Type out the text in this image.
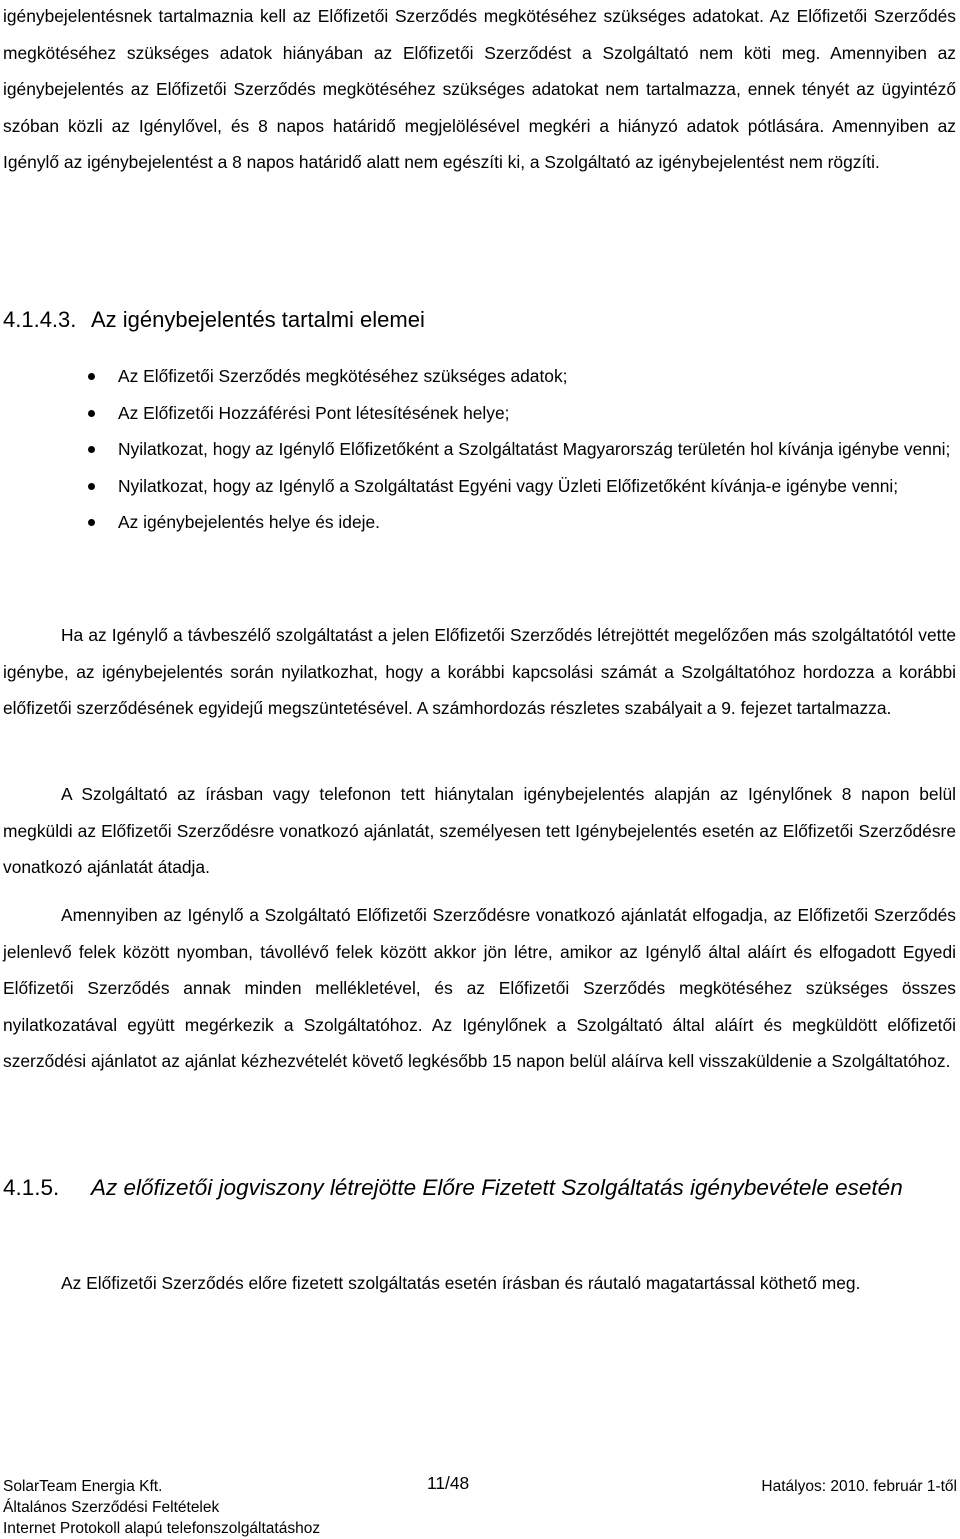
igénybejelentésnek tartalmaznia kell az Előfizetői Szerződés megkötéséhez szükséges adatokat. Az Előfizetői Szerződés megkötéséhez szükséges adatok hiányában az Előfizetői Szerződést a Szolgáltató nem köti meg. Amennyiben az igénybejelentés az Előfizetői Szerződés megkötéséhez szükséges adatokat nem tartalmazza, ennek tényét az ügyintéző szóban közli az Igénylővel, és 8 napos határidő megjelölésével megkéri a hiányzó adatok pótlására. Amennyiben az Igénylő az igénybejelentést a 8 napos határidő alatt nem egészíti ki, a Szolgáltató az igénybejelentést nem rögzíti.

4.1.4.3. Az igénybejelentés tartalmi elemei
Az Előfizetői Szerződés megkötéséhez szükséges adatok;
Az Előfizetői Hozzáférési Pont létesítésének helye;
Nyilatkozat, hogy az Igénylő Előfizetőként a Szolgáltatást Magyarország területén hol kívánja igénybe venni;
Nyilatkozat, hogy az Igénylő a Szolgáltatást Egyéni vagy Üzleti Előfizetőként kívánja-e igénybe venni;
Az igénybejelentés helye és ideje.

Ha az Igénylő a távbeszélő szolgáltatást a jelen Előfizetői Szerződés létrejöttét megelőzően más szolgáltatótól vette igénybe, az igénybejelentés során nyilatkozhat, hogy a korábbi kapcsolási számát a Szolgáltatóhoz hordozza a korábbi előfizetői szerződésének egyidejű megszüntetésével. A számhordozás részletes szabályait a 9. fejezet tartalmazza.

A Szolgáltató az írásban vagy telefonon tett hiánytalan igénybejelentés alapján az Igénylőnek 8 napon belül megküldi az Előfizetői Szerződésre vonatkozó ajánlatát, személyesen tett Igénybejelentés esetén az Előfizetői Szerződésre vonatkozó ajánlatát átadja.

Amennyiben az Igénylő a Szolgáltató Előfizetői Szerződésre vonatkozó ajánlatát elfogadja, az Előfizetői Szerződés jelenlevő felek között nyomban, távollévő felek között akkor jön létre, amikor az Igénylő által aláírt és elfogadott Egyedi Előfizetői Szerződés annak minden mellékletével, és az Előfizetői Szerződés megkötéséhez szükséges összes nyilatkozatával együtt megérkezik a Szolgáltatóhoz. Az Igénylőnek a Szolgáltató által aláírt és megküldött előfizetői szerződési ajánlatot az ajánlat kézhezvételét követő legkésőbb 15 napon belül aláírva kell visszaküldenie a Szolgáltatóhoz.

4.1.5. Az előfizetői jogviszony létrejötte Előre Fizetett Szolgáltatás igénybevétele esetén

Az Előfizetői Szerződés előre fizetett szolgáltatás esetén írásban és ráutaló magatartással köthető meg.

SolarTeam Energia Kft.	11/48	Hatályos: 2010. február 1-től
Általános Szerződési Feltételek
Internet Protokoll alapú telefonszolgáltatáshoz
